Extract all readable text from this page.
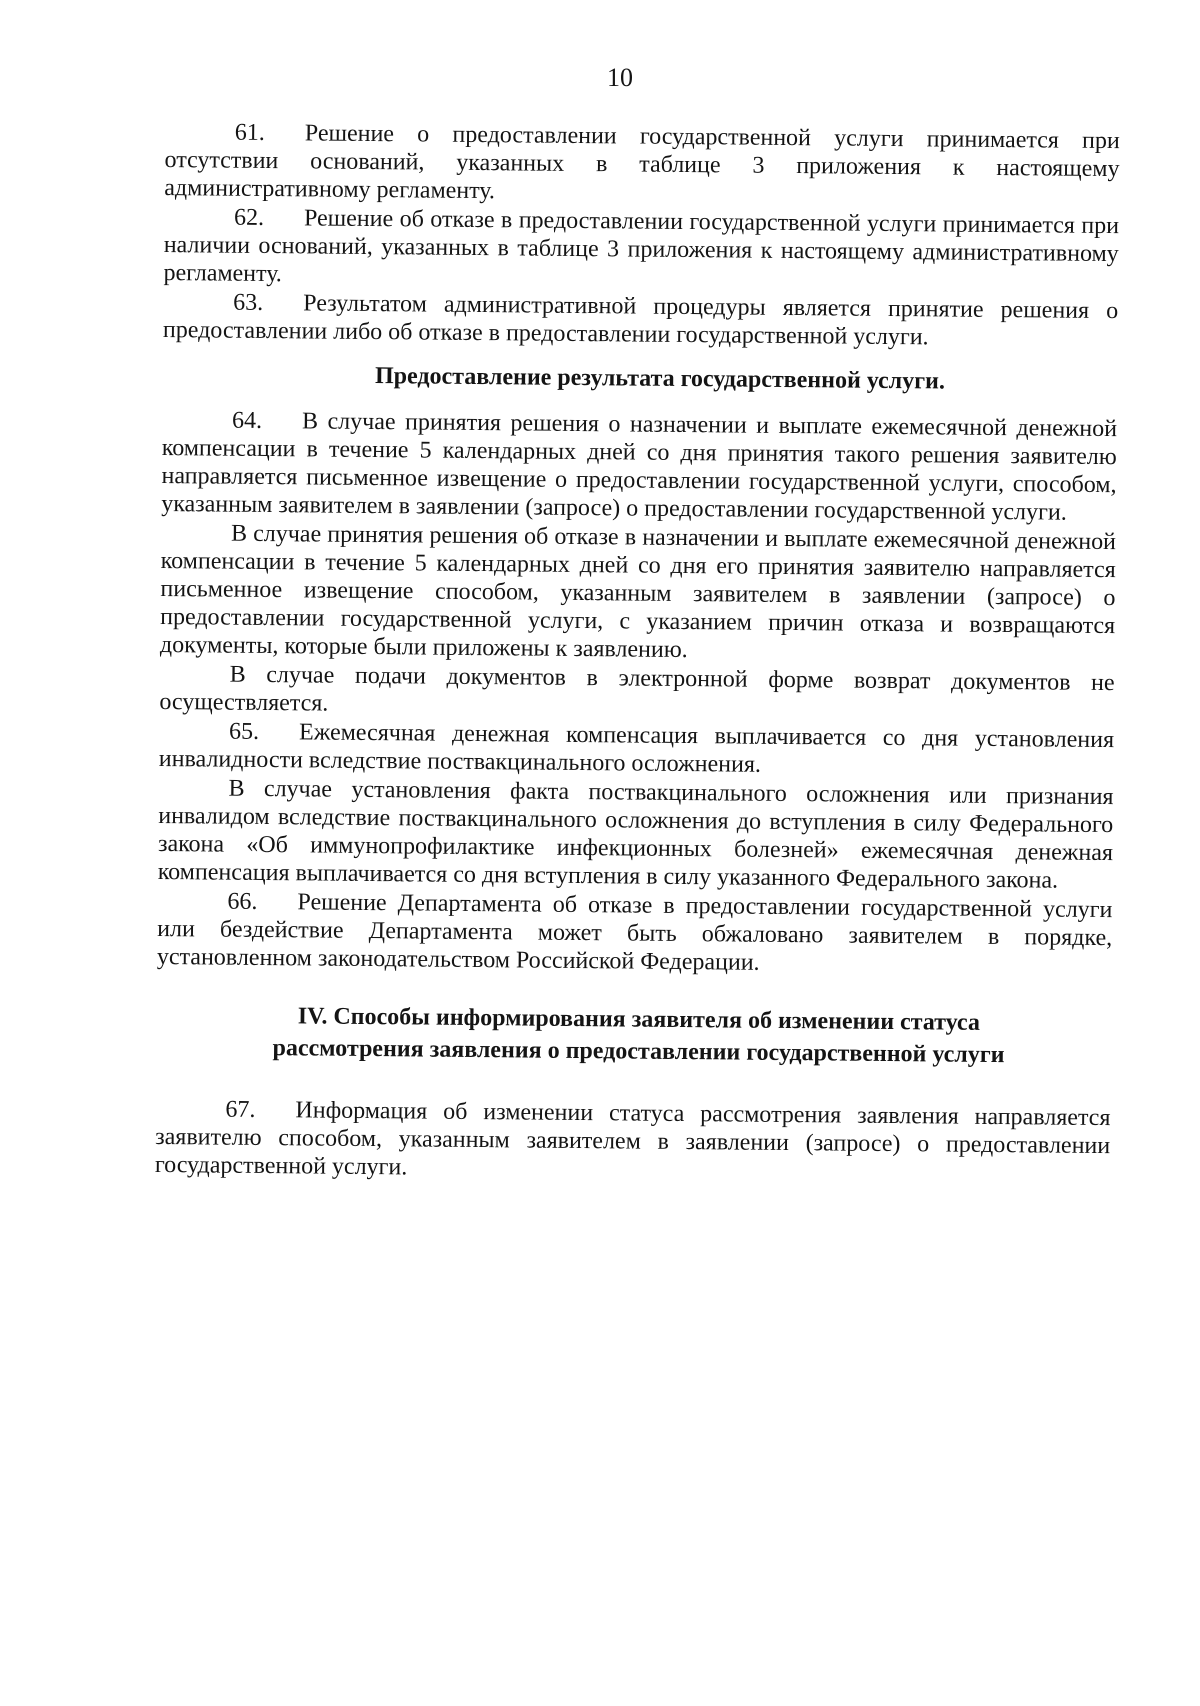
10

61. Решение о предоставлении государственной услуги принимается при отсутствии оснований, указанных в таблице 3 приложения к настоящему административному регламенту.

62. Решение об отказе в предоставлении государственной услуги принимается при наличии оснований, указанных в таблице 3 приложения к настоящему административному регламенту.

63. Результатом административной процедуры является принятие решения о предоставлении либо об отказе в предоставлении государственной услуги.

Предоставление результата государственной услуги.

64. В случае принятия решения о назначении и выплате ежемесячной денежной компенсации в течение 5 календарных дней со дня принятия такого решения заявителю направляется письменное извещение о предоставлении государственной услуги, способом, указанным заявителем в заявлении (запросе) о предоставлении государственной услуги.

В случае принятия решения об отказе в назначении и выплате ежемесячной денежной компенсации в течение 5 календарных дней со дня его принятия заявителю направляется письменное извещение способом, указанным заявителем в заявлении (запросе) о предоставлении государственной услуги, с указанием причин отказа и возвращаются документы, которые были приложены к заявлению.

В случае подачи документов в электронной форме возврат документов не осуществляется.

65. Ежемесячная денежная компенсация выплачивается со дня установления инвалидности вследствие поствакцинального осложнения.

В случае установления факта поствакцинального осложнения или признания инвалидом вследствие поствакцинального осложнения до вступления в силу Федерального закона «Об иммунопрофилактике инфекционных болезней» ежемесячная денежная компенсация выплачивается со дня вступления в силу указанного Федерального закона.

66. Решение Департамента об отказе в предоставлении государственной услуги или бездействие Департамента может быть обжаловано заявителем в порядке, установленном законодательством Российской Федерации.

IV. Способы информирования заявителя об изменении статуса
рассмотрения заявления о предоставлении государственной услуги

67. Информация об изменении статуса рассмотрения заявления направляется заявителю способом, указанным заявителем в заявлении (запросе) о предоставлении государственной услуги.
